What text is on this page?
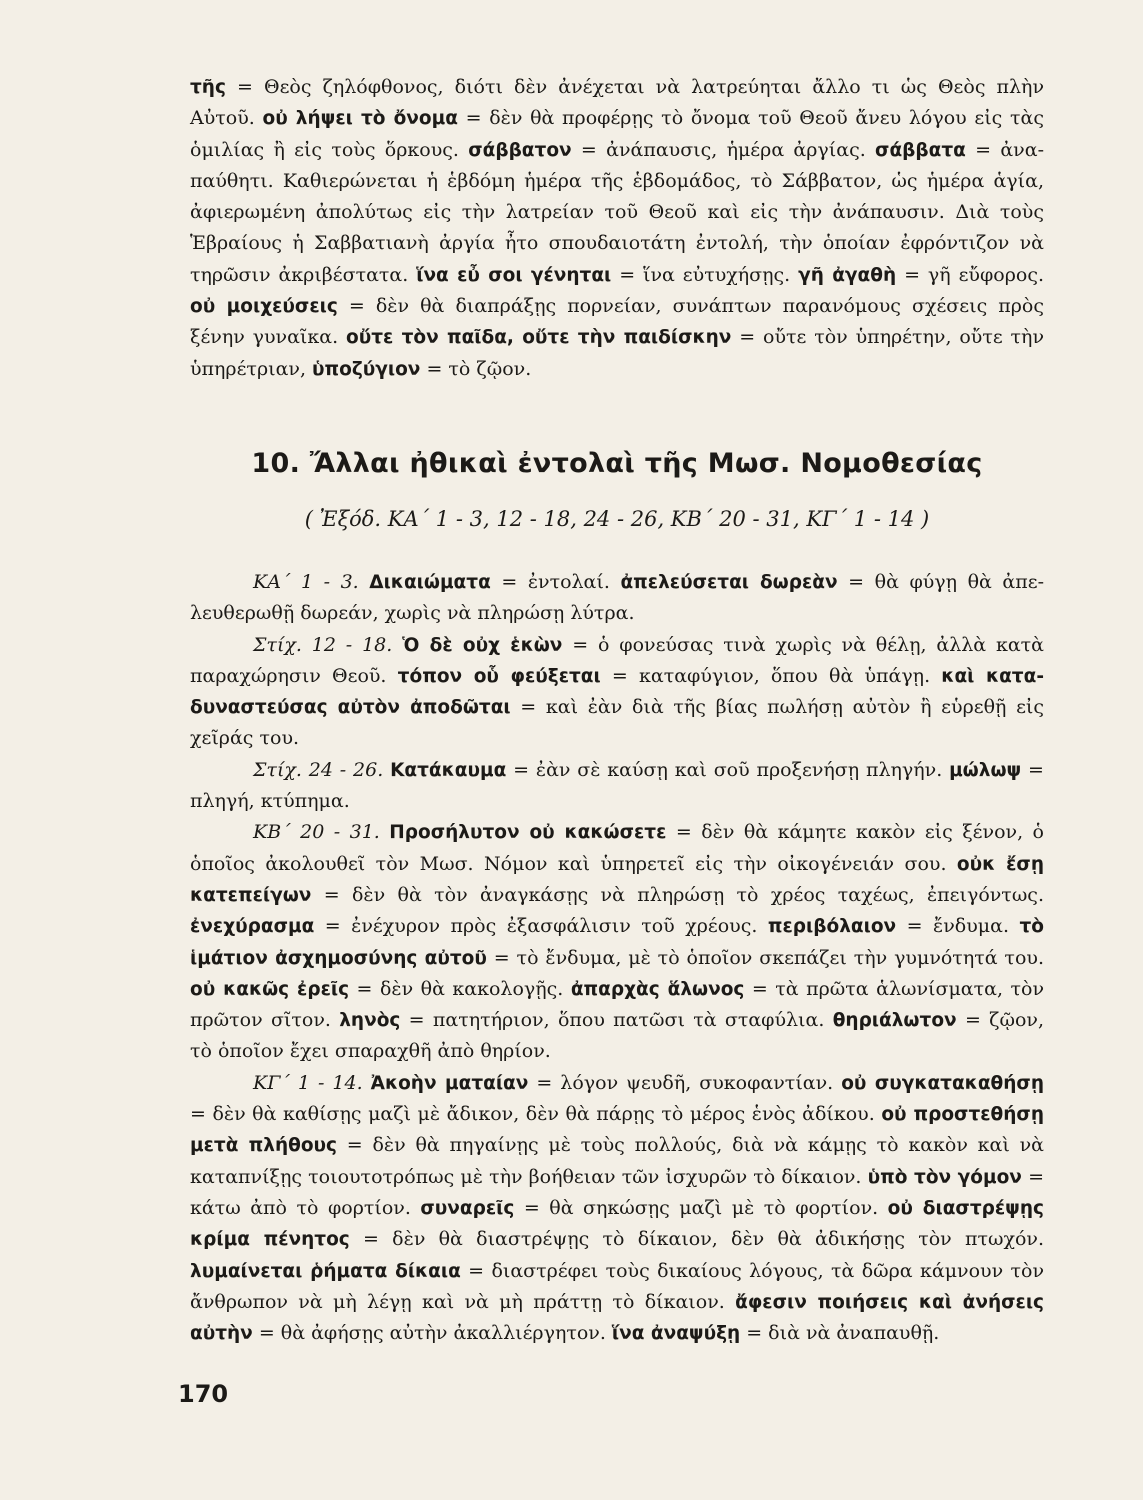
τῆς = Θεὸς ζηλόφθονος, διότι δὲν ἀνέχεται νὰ λατρεύηται ἄλλο τι ὡς Θεὸς πλὴν Αὐτοῦ. οὐ λήψει τὸ ὄνομα = δὲν θὰ προφέρῃς τὸ ὄνομα τοῦ Θεοῦ ἄνευ λόγου εἰς τὰς ὁμιλίας ἢ εἰς τοὺς ὅρκους. σάββατον = ἀνάπαυσις, ἡμέρα ἀργίας. σάββατα = ἀναπαύθητι. Καθιερώνεται ἡ ἑβδόμη ἡμέρα τῆς ἑβδομάδος, τὸ Σάββατον, ὡς ἡμέρα ἁγία, ἀφιερωμένη ἀπολύτως εἰς τὴν λατρείαν τοῦ Θεοῦ καὶ εἰς τὴν ἀνάπαυσιν. Διὰ τοὺς Ἑβραίους ἡ Σαββατιανὴ ἀργία ἦτο σπουδαιοτάτη ἐντολή, τὴν ὁποίαν ἐφρόντιζον νὰ τηρῶσιν ἀκριβέστατα. ἵνα εὖ σοι γένηται = ἵνα εὐτυχήσῃς. γῆ ἀγαθὴ = γῆ εὔφορος. οὐ μοιχεύσεις = δὲν θὰ διαπράξῃς πορνείαν, συνάπτων παρανόμους σχέσεις πρὸς ξένην γυναῖκα. οὔτε τὸν παῖδα, οὔτε τὴν παιδίσκην = οὔτε τὸν ὑπηρέτην, οὔτε τὴν ὑπηρέτριαν, ὑποζύγιον = τὸ ζῷον.

10. Ἄλλαι ἠθικαὶ ἐντολαὶ τῆς Μωσ. Νομοθεσίας

( Ἐξόδ. ΚΑ΄ 1 - 3, 12 - 18, 24 - 26, ΚΒ΄ 20 - 31, ΚΓ΄ 1 - 14 )

ΚΑ΄ 1 - 3. Δικαιώματα = ἐντολαί. ἀπελεύσεται δωρεὰν = θὰ φύγῃ θὰ ἀπελευθερωθῇ δωρεάν, χωρὶς νὰ πληρώσῃ λύτρα.

Στίχ. 12 - 18. Ὁ δὲ οὐχ ἑκὼν = ὁ φονεύσας τινὰ χωρὶς νὰ θέλῃ, ἀλλὰ κατὰ παραχώρησιν Θεοῦ. τόπον οὗ φεύξεται = καταφύγιον, ὅπου θὰ ὑπάγῃ. καὶ καταδυναστεύσας αὐτὸν ἀποδῶται = καὶ ἐὰν διὰ τῆς βίας πωλήσῃ αὐτὸν ἢ εὑρεθῇ εἰς χεῖράς του.

Στίχ. 24 - 26. Κατάκαυμα = ἐὰν σὲ καύσῃ καὶ σοῦ προξενήσῃ πληγήν. μώλωψ = πληγή, κτύπημα.

ΚΒ΄ 20 - 31. Προσήλυτον οὐ κακώσετε = δὲν θὰ κάμητε κακὸν εἰς ξένον, ὁ ὁποῖος ἀκολουθεῖ τὸν Μωσ. Νόμον καὶ ὑπηρετεῖ εἰς τὴν οἰκογένειάν σου. οὐκ ἔσῃ κατεπείγων = δὲν θὰ τὸν ἀναγκάσῃς νὰ πληρώσῃ τὸ χρέος ταχέως, ἐπειγόντως. ἐνεχύρασμα = ἐνέχυρον πρὸς ἐξασφάλισιν τοῦ χρέους. περιβόλαιον = ἔνδυμα. τὸ ἱμάτιον ἀσχημοσύνης αὐτοῦ = τὸ ἔνδυμα, μὲ τὸ ὁποῖον σκεπάζει τὴν γυμνότητά του. οὐ κακῶς ἐρεῖς = δὲν θὰ κακολογῇς. ἀπαρχὰς ἅλωνος = τὰ πρῶτα ἁλωνίσματα, τὸν πρῶτον σῖτον. ληνὸς = πατητήριον, ὅπου πατῶσι τὰ σταφύλια. θηριάλωτον = ζῷον, τὸ ὁποῖον ἔχει σπαραχθῆ ἀπὸ θηρίον.

ΚΓ΄ 1 - 14. Ἀκοὴν ματαίαν = λόγον ψευδῆ, συκοφαντίαν. οὐ συγκατακαθήσῃ = δὲν θὰ καθίσῃς μαζὶ μὲ ἄδικον, δὲν θὰ πάρῃς τὸ μέρος ἑνὸς ἀδίκου. οὐ προστεθήσῃ μετὰ πλήθους = δὲν θὰ πηγαίνῃς μὲ τοὺς πολλούς, διὰ νὰ κάμῃς τὸ κακὸν καὶ νὰ καταπνίξῃς τοιουτοτρόπως μὲ τὴν βοήθειαν τῶν ἰσχυρῶν τὸ δίκαιον. ὑπὸ τὸν γόμον = κάτω ἀπὸ τὸ φορτίον. συναρεῖς = θὰ σηκώσῃς μαζὶ μὲ τὸ φορτίον. οὐ διαστρέψῃς κρίμα πένητος = δὲν θὰ διαστρέψῃς τὸ δίκαιον, δὲν θὰ ἀδικήσῃς τὸν πτωχόν. λυμαίνεται ῥήματα δίκαια = διαστρέφει τοὺς δικαίους λόγους, τὰ δῶρα κάμνουν τὸν ἄνθρωπον νὰ μὴ λέγῃ καὶ νὰ μὴ πράττῃ τὸ δίκαιον. ἄφεσιν ποιήσεις καὶ ἀνήσεις αὐτὴν = θὰ ἀφήσῃς αὐτὴν ἀκαλλιέργητον. ἵνα ἀναψύξῃ = διὰ νὰ ἀναπαυθῇ.

170
